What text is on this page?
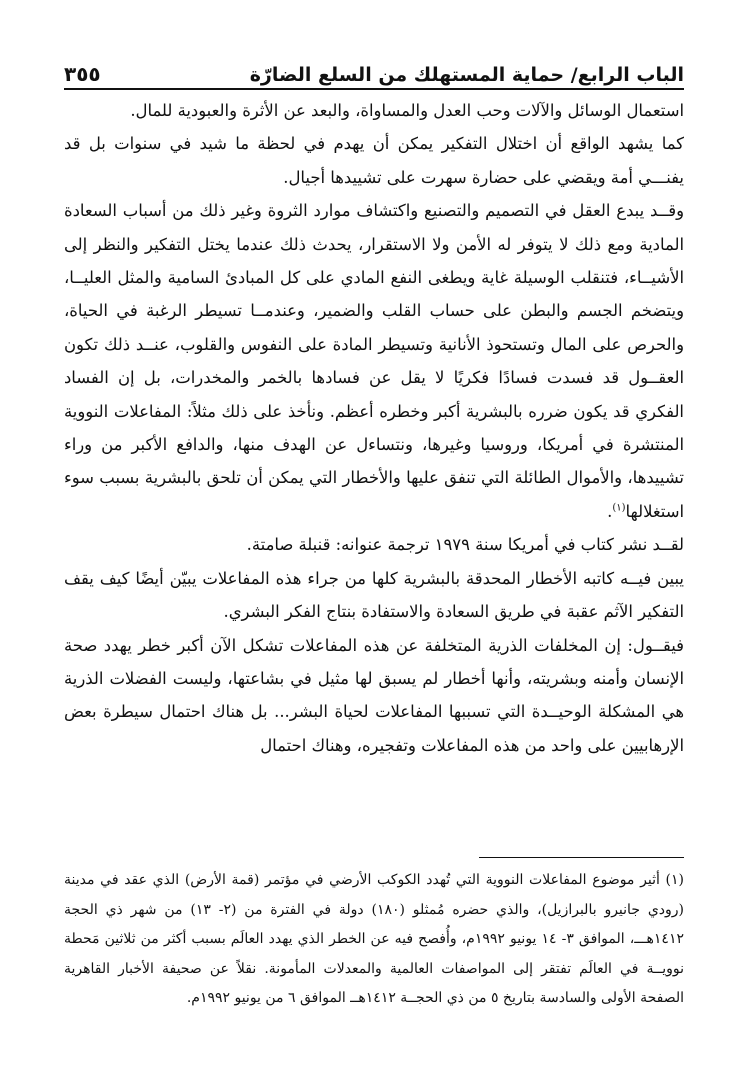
الباب الرابع/ حماية المستهلك من السلع الضارّة
٣٥٥

استعمال الوسائل والآلات وحب العدل والمساواة، والبعد عن الأثرة والعبودية للمال.

كما يشهد الواقع أن اختلال التفكير يمكن أن يهدم في لحظة ما شيد في سنوات بل قد يفنـــي أمة ويقضي على حضارة سهرت على تشييدها أجيال.

وقــد يبدع العقل في التصميم والتصنيع واكتشاف موارد الثروة وغير ذلك من أسباب السعادة المادية ومع ذلك لا يتوفر له الأمن ولا الاستقرار، يحدث ذلك عندما يختل التفكير والنظر إلى الأشيــاء، فتنقلب الوسيلة غاية ويطغى النفع المادي على كل المبادئ السامية والمثل العليــا، ويتضخم الجسم والبطن على حساب القلب والضمير، وعندمــا تسيطر الرغبة في الحياة، والحرص على المال وتستحوذ الأنانية وتسيطر المادة على النفوس والقلوب، عنــد ذلك تكون العقــول قد فسدت فسادًا فكريًا لا يقل عن فسادها بالخمر والمخدرات، بل إن الفساد الفكري قد يكون ضرره بالبشرية أكبر وخطره أعظم. ونأخذ على ذلك مثلاً: المفاعلات النووية المنتشرة في أمريكا، وروسيا وغيرها، ونتساءل عن الهدف منها، والدافع الأكبر من وراء تشييدها، والأموال الطائلة التي تنفق عليها والأخطار التي يمكن أن تلحق بالبشرية بسبب سوء استغلالها$^{(١)}$.

لقــد نشر كتاب في أمريكا سنة ١٩٧٩ ترجمة عنوانه: قنبلة صامتة.

يبين فيــه كاتبه الأخطار المحدقة بالبشرية كلها من جراء هذه المفاعلات يبيّن أيضًا كيف يقف التفكير الآثم عقبة في طريق السعادة والاستفادة بنتاج الفكر البشري.

فيقــول: إن المخلفات الذرية المتخلفة عن هذه المفاعلات تشكل الآن أكبر خطر يهدد صحة الإنسان وأمنه وبشريته، وأنها أخطار لم يسبق لها مثيل في بشاعتها، وليست الفضلات الذرية هي المشكلة الوحيــدة التي تسببها المفاعلات لحياة البشر... بل هناك احتمال سيطرة بعض الإرهابيين على واحد من هذه المفاعلات وتفجيره، وهناك احتمال

(١) أثير موضوع المفاعلات النووية التي تُهدد الكوكب الأرضي في مؤتمر (قمة الأرض) الذي عقد في مدينة (رودي جانيرو بالبرازيل)، والذي حضره مُمثلو (١٨٠) دولة في الفترة من (٢- ١٣) من شهر ذي الحجة ١٤١٢هـــ، الموافق ٣- ١٤ يونيو ١٩٩٢م، وأُفصح فيه عن الخطر الذي يهدد العالَم بسبب أكثر من ثلاثين مَحطة نوويــة في العالَم تفتقر إلى المواصفات العالمية والمعدلات المأمونة. نقلاً عن صحيفة الأخبار القاهرية الصفحة الأولى والسادسة بتاريخ ٥ من ذي الحجــة ١٤١٢هــ الموافق ٦ من يونيو ١٩٩٢م.
